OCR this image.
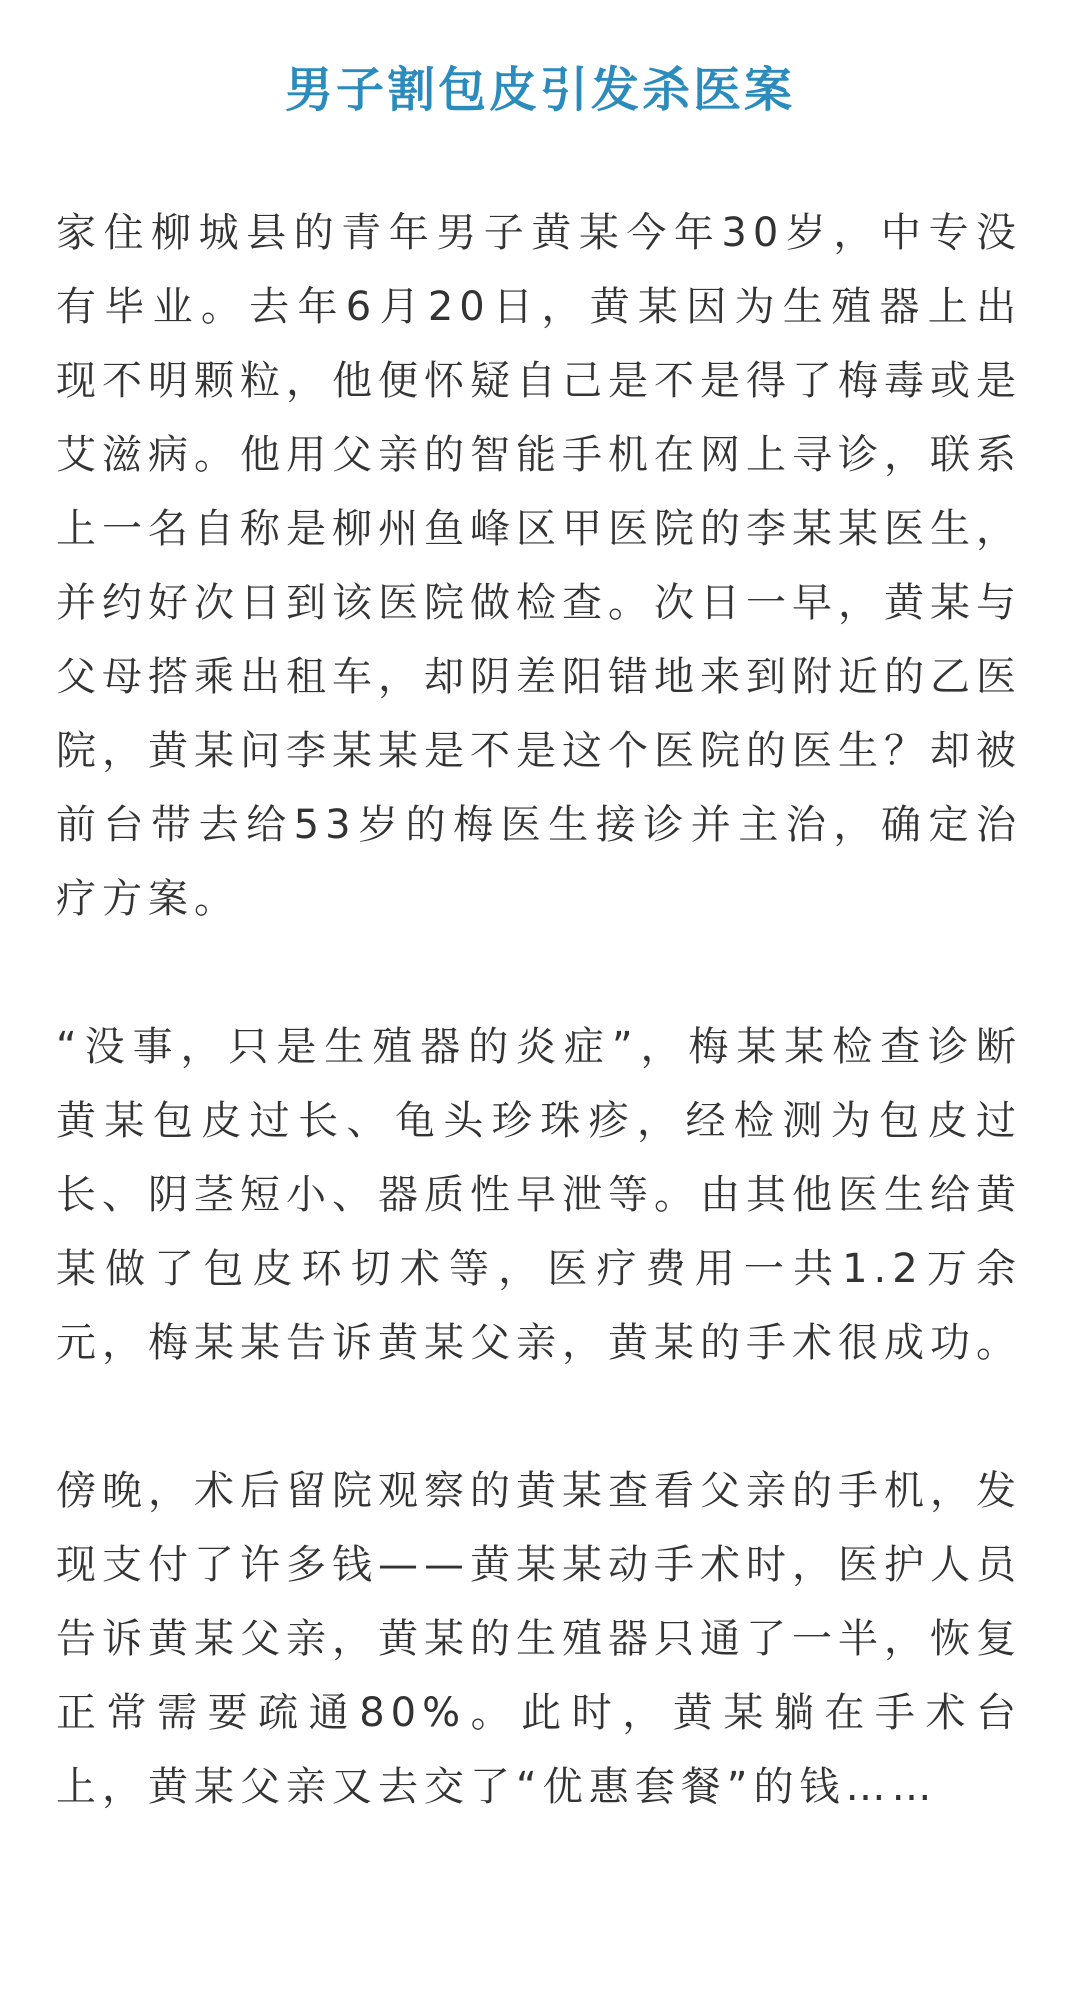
男子割包皮引发杀医案

家住柳城县的青年男子黄某今年30岁，中专没有毕业。去年6月20日，黄某因为生殖器上出现不明颗粒，他便怀疑自己是不是得了梅毒或是艾滋病。他用父亲的智能手机在网上寻诊，联系上一名自称是柳州鱼峰区甲医院的李某某医生，并约好次日到该医院做检查。次日一早，黄某与父母搭乘出租车，却阴差阳错地来到附近的乙医院，黄某问李某某是不是这个医院的医生？却被前台带去给53岁的梅医生接诊并主治，确定治疗方案。

“没事，只是生殖器的炎症”，梅某某检查诊断黄某包皮过长、龟头珍珠疹，经检测为包皮过长、阴茎短小、器质性早泄等。由其他医生给黄某做了包皮环切术等，医疗费用一共1.2万余元，梅某某告诉黄某父亲，黄某的手术很成功。

傍晚，术后留院观察的黄某查看父亲的手机，发现支付了许多钱——黄某某动手术时，医护人员告诉黄某父亲，黄某的生殖器只通了一半，恢复正常需要疏通80%。此时，黄某躺在手术台上，黄某父亲又去交了“优惠套餐”的钱……
